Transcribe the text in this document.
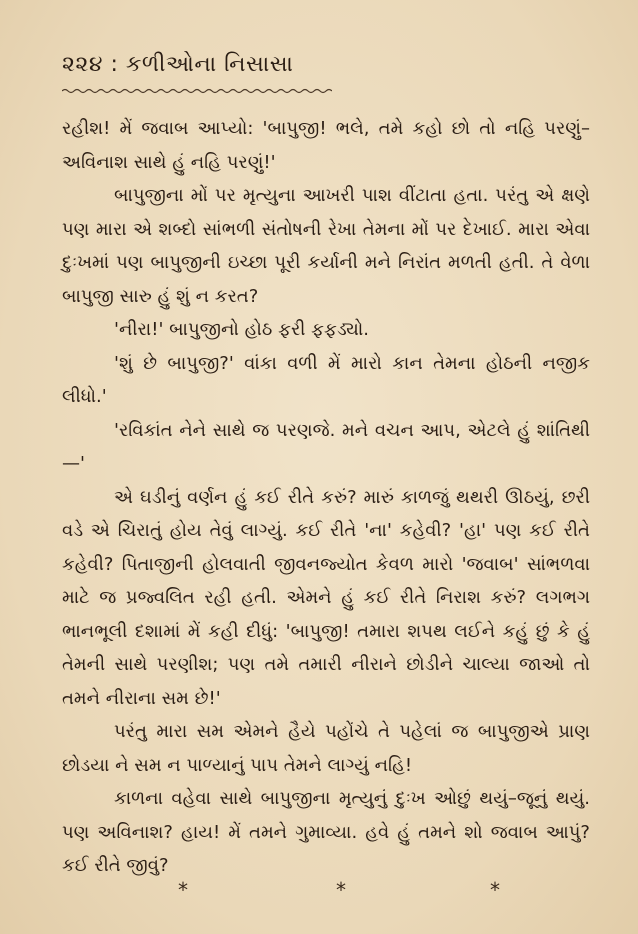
૨૨૪ : કળીઓના નિસાસા

રહીશ! મેં જવાબ આપ્યો: 'બાપુજી! ભલે, તમે કહો છો તો નહિ પરણું–અવિનાશ સાથે હું નહિ પરણું!'

બાપુજીના મોં પર મૃત્યુના આખરી પાશ વીંટાતા હતા. પરંતુ એ ક્ષણે પણ મારા એ શબ્દો સાંભળી સંતોષની રેખા તેમના મોં પર દેખાઈ. મારા એવા દુઃખમાં પણ બાપુજીની ઇચ્છા પૂરી કર્યાની મને નિરાંત મળતી હતી. તે વેળા બાપુજી સારુ હું શું ન કરત?

'નીરા!' બાપુજીનો હોઠ ફરી ફફડ્યો.

'શું છે બાપુજી?' વાંકા વળી મેં મારો કાન તેમના હોઠની નજીક લીધો.'

'રવિકાંત નેને સાથે જ પરણજે. મને વચન આપ, એટલે હું શાંતિથી—'

એ ઘડીનું વર્ણન હું કઈ રીતે કરું? મારું કાળજું થથરી ઊઠયું, છરી વડે એ ચિરાતું હોય તેવું લાગ્યું. કઈ રીતે 'ના' કહેવી? 'હા' પણ કઈ રીતે કહેવી? પિતાજીની હોલવાતી જીવનજ્યોત કેવળ મારો 'જવાબ' સાંભળવા માટે જ પ્રજ્વલિત રહી હતી. એમને હું કઈ રીતે નિરાશ કરું? લગભગ ભાનભૂલી દશામાં મેં કહી દીધું: 'બાપુજી! તમારા શપથ લઈને કહું છું કે હું તેમની સાથે પરણીશ; પણ તમે તમારી નીરાને છોડીને ચાલ્યા જાઓ તો તમને નીરાના સમ છે!'

પરંતુ મારા સમ એમને હૈયે પહોંચે તે પહેલાં જ બાપુજીએ પ્રાણ છોડયા ને સમ ન પાળ્યાનું પાપ તેમને લાગ્યું નહિ!

કાળના વહેવા સાથે બાપુજીના મૃત્યુનું દુઃખ ઓછું થયું–જૂનું થયું. પણ અવિનાશ? હાય! મેં તમને ગુમાવ્યા. હવે હું તમને શો જવાબ આપું? કઈ રીતે જીવું?

*	*	*
